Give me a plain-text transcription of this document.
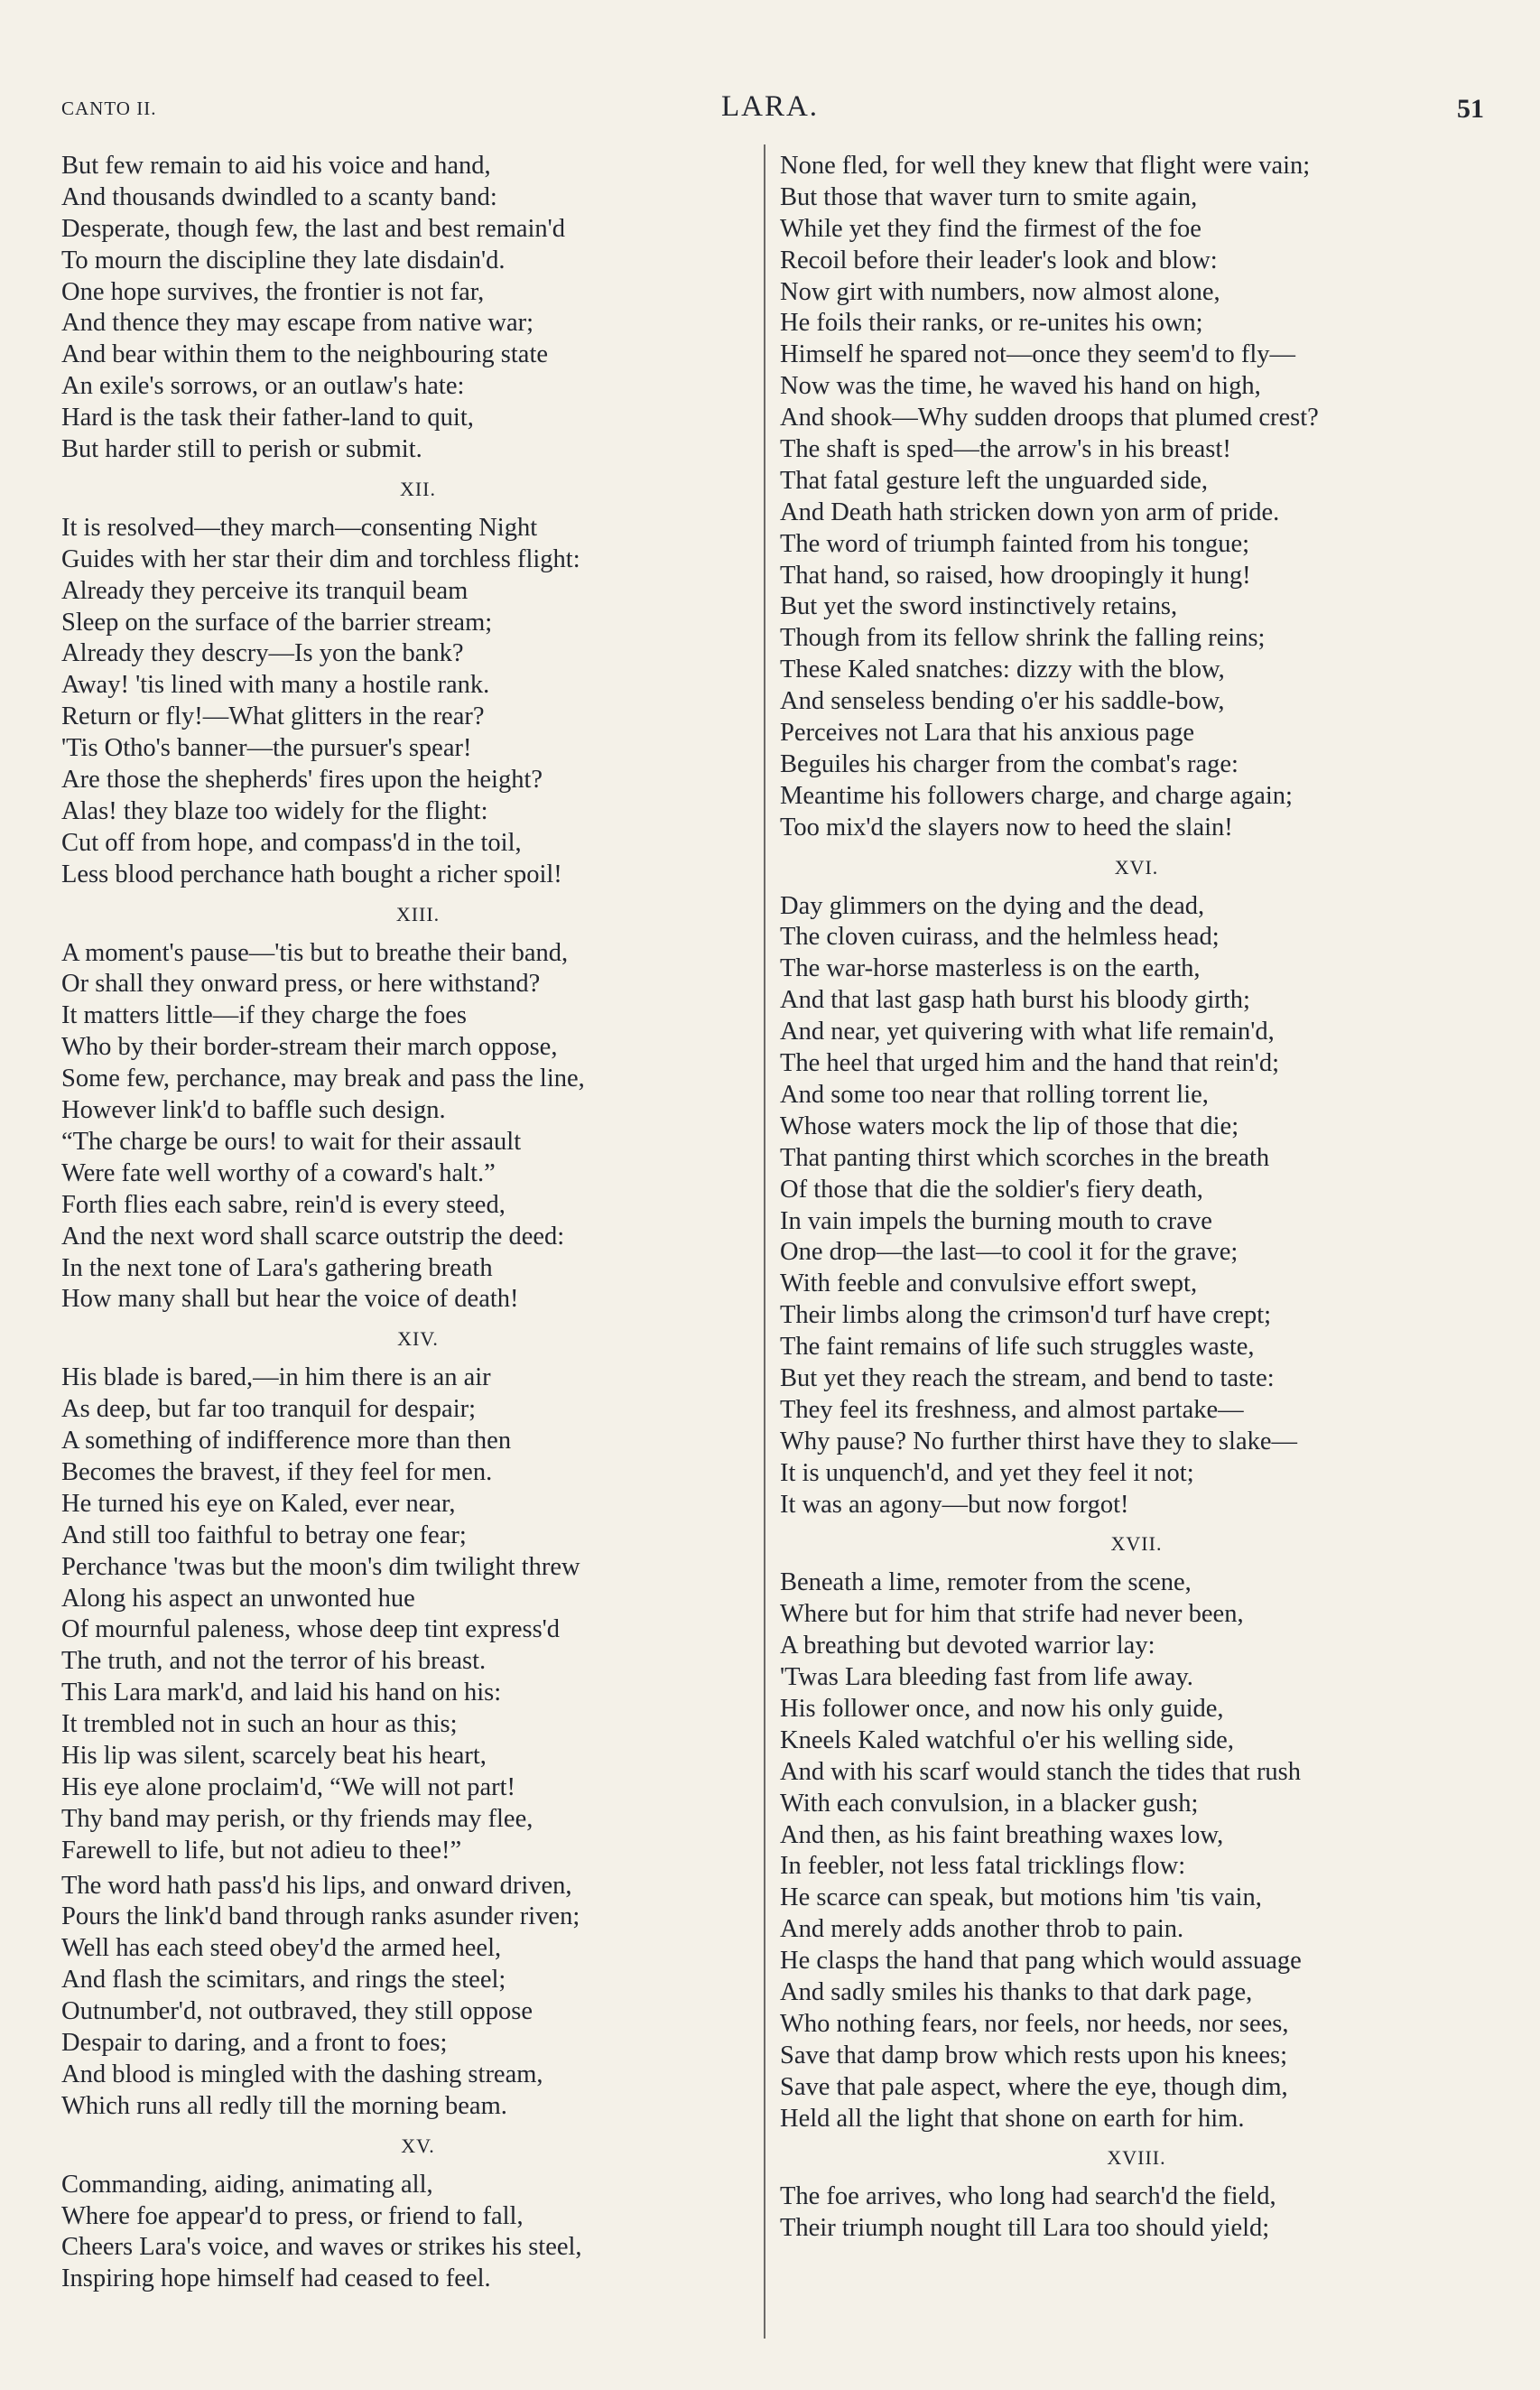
CANTO II.	LARA.	51
But few remain to aid his voice and hand,
And thousands dwindled to a scanty band:
Desperate, though few, the last and best remain'd
To mourn the discipline they late disdain'd.
One hope survives, the frontier is not far,
And thence they may escape from native war;
And bear within them to the neighbouring state
An exile's sorrows, or an outlaw's hate:
Hard is the task their father-land to quit,
But harder still to perish or submit.
XII.
It is resolved—they march—consenting Night
Guides with her star their dim and torchless flight:
Already they perceive its tranquil beam
Sleep on the surface of the barrier stream;
Already they descry—Is yon the bank?
Away! 'tis lined with many a hostile rank.
Return or fly!—What glitters in the rear?
'Tis Otho's banner—the pursuer's spear!
Are those the shepherds' fires upon the height?
Alas! they blaze too widely for the flight:
Cut off from hope, and compass'd in the toil,
Less blood perchance hath bought a richer spoil!
XIII.
A moment's pause—'tis but to breathe their band,
Or shall they onward press, or here withstand?
It matters little—if they charge the foes
Who by their border-stream their march oppose,
Some few, perchance, may break and pass the line,
However link'd to baffle such design.
“The charge be ours! to wait for their assault
Were fate well worthy of a coward's halt.”
Forth flies each sabre, rein'd is every steed,
And the next word shall scarce outstrip the deed:
In the next tone of Lara's gathering breath
How many shall but hear the voice of death!
XIV.
His blade is bared,—in him there is an air
As deep, but far too tranquil for despair;
A something of indifference more than then
Becomes the bravest, if they feel for men.
He turned his eye on Kaled, ever near,
And still too faithful to betray one fear;
Perchance 'twas but the moon's dim twilight threw
Along his aspect an unwonted hue
Of mournful paleness, whose deep tint express'd
The truth, and not the terror of his breast.
This Lara mark'd, and laid his hand on his:
It trembled not in such an hour as this;
His lip was silent, scarcely beat his heart,
His eye alone proclaim'd, “We will not part!
Thy band may perish, or thy friends may flee,
Farewell to life, but not adieu to thee!”
The word hath pass'd his lips, and onward driven,
Pours the link'd band through ranks asunder riven;
Well has each steed obey'd the armed heel,
And flash the scimitars, and rings the steel;
Outnumber'd, not outbraved, they still oppose
Despair to daring, and a front to foes;
And blood is mingled with the dashing stream,
Which runs all redly till the morning beam.
XV.
Commanding, aiding, animating all,
Where foe appear'd to press, or friend to fall,
Cheers Lara's voice, and waves or strikes his steel,
Inspiring hope himself had ceased to feel.
None fled, for well they knew that flight were vain;
But those that waver turn to smite again,
While yet they find the firmest of the foe
Recoil before their leader's look and blow:
Now girt with numbers, now almost alone,
He foils their ranks, or re-unites his own;
Himself he spared not—once they seem'd to fly—
Now was the time, he waved his hand on high,
And shook—Why sudden droops that plumed crest?
The shaft is sped—the arrow's in his breast!
That fatal gesture left the unguarded side,
And Death hath stricken down yon arm of pride.
The word of triumph fainted from his tongue;
That hand, so raised, how droopingly it hung!
But yet the sword instinctively retains,
Though from its fellow shrink the falling reins;
These Kaled snatches: dizzy with the blow,
And senseless bending o'er his saddle-bow,
Perceives not Lara that his anxious page
Beguiles his charger from the combat's rage:
Meantime his followers charge, and charge again;
Too mix'd the slayers now to heed the slain!
XVI.
Day glimmers on the dying and the dead,
The cloven cuirass, and the helmless head;
The war-horse masterless is on the earth,
And that last gasp hath burst his bloody girth;
And near, yet quivering with what life remain'd,
The heel that urged him and the hand that rein'd;
And some too near that rolling torrent lie,
Whose waters mock the lip of those that die;
That panting thirst which scorches in the breath
Of those that die the soldier's fiery death,
In vain impels the burning mouth to crave
One drop—the last—to cool it for the grave;
With feeble and convulsive effort swept,
Their limbs along the crimson'd turf have crept;
The faint remains of life such struggles waste,
But yet they reach the stream, and bend to taste:
They feel its freshness, and almost partake—
Why pause? No further thirst have they to slake—
It is unquench'd, and yet they feel it not;
It was an agony—but now forgot!
XVII.
Beneath a lime, remoter from the scene,
Where but for him that strife had never been,
A breathing but devoted warrior lay:
'Twas Lara bleeding fast from life away.
His follower once, and now his only guide,
Kneels Kaled watchful o'er his welling side,
And with his scarf would stanch the tides that rush
With each convulsion, in a blacker gush;
And then, as his faint breathing waxes low,
In feebler, not less fatal tricklings flow:
He scarce can speak, but motions him 'tis vain,
And merely adds another throb to pain.
He clasps the hand that pang which would assuage
And sadly smiles his thanks to that dark page,
Who nothing fears, nor feels, nor heeds, nor sees,
Save that damp brow which rests upon his knees;
Save that pale aspect, where the eye, though dim,
Held all the light that shone on earth for him.
XVIII.
The foe arrives, who long had search'd the field,
Their triumph nought till Lara too should yield;
